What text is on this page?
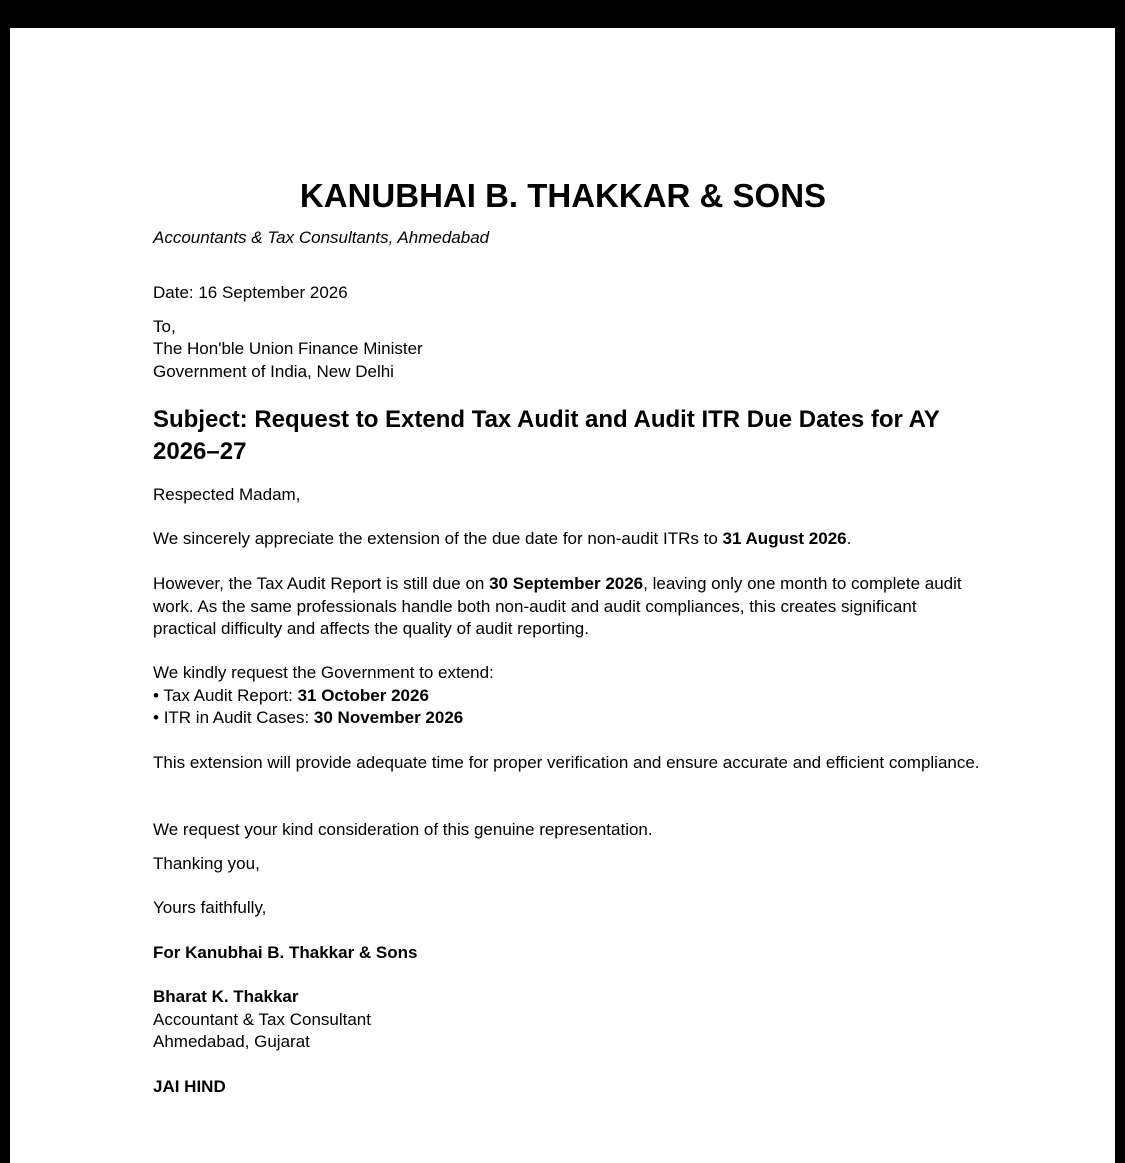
KANUBHAI B. THAKKAR & SONS
Accountants & Tax Consultants, Ahmedabad
Date: 16 September 2026
To,
The Hon'ble Union Finance Minister
Government of India, New Delhi
Subject: Request to Extend Tax Audit and Audit ITR Due Dates for AY 2026–27
Respected Madam,
We sincerely appreciate the extension of the due date for non-audit ITRs to 31 August 2026.
However, the Tax Audit Report is still due on 30 September 2026, leaving only one month to complete audit work. As the same professionals handle both non-audit and audit compliances, this creates significant practical difficulty and affects the quality of audit reporting.
We kindly request the Government to extend:
• Tax Audit Report: 31 October 2026
• ITR in Audit Cases: 30 November 2026
This extension will provide adequate time for proper verification and ensure accurate and efficient compliance.
We request your kind consideration of this genuine representation.
Thanking you,
Yours faithfully,
For Kanubhai B. Thakkar & Sons
Bharat K. Thakkar
Accountant & Tax Consultant
Ahmedabad, Gujarat
JAI HIND
